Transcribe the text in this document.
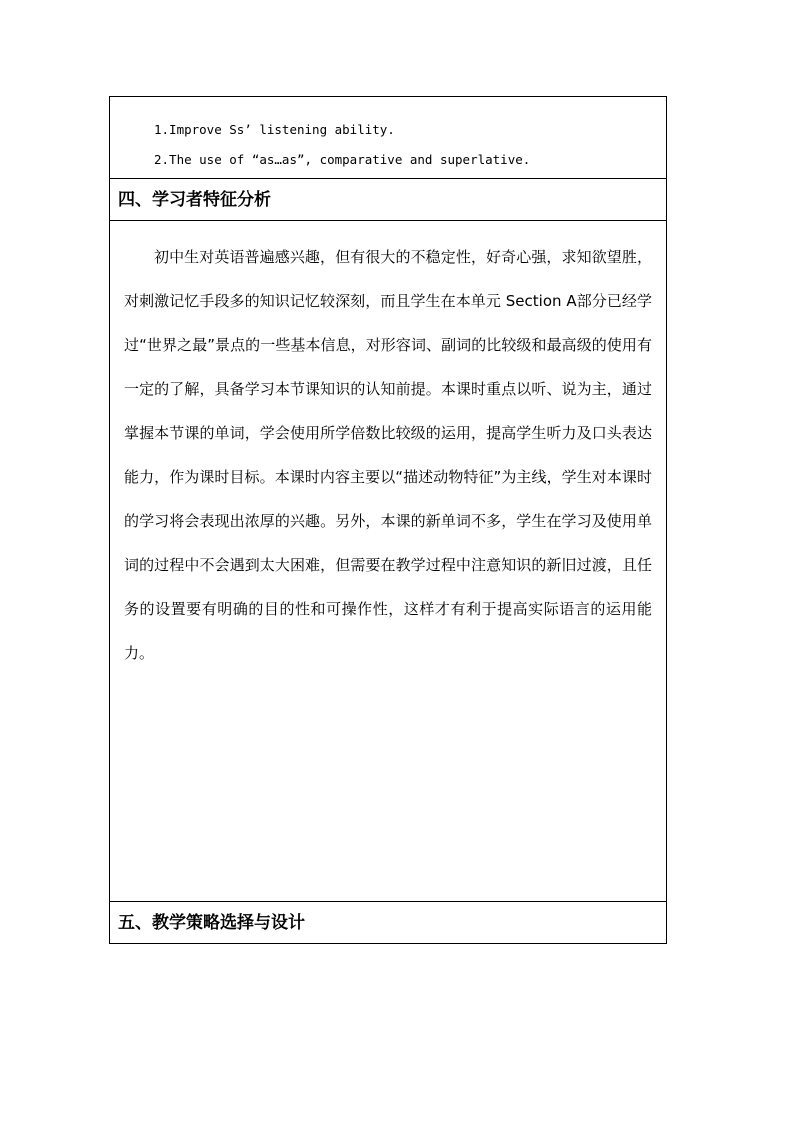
1.Improve Ss’ listening ability.
2.The use of “as…as”, comparative and superlative.
四、学习者特征分析
初中生对英语普遍感兴趣，但有很大的不稳定性，好奇心强，求知欲望胜，对刺激记忆手段多的知识记忆较深刻，而且学生在本单元 Section A部分已经学过“世界之最”景点的一些基本信息，对形容词、副词的比较级和最高级的使用有一定的了解，具备学习本节课知识的认知前提。本课时重点以听、说为主，通过掌握本节课的单词，学会使用所学倍数比较级的运用，提高学生听力及口头表达能力，作为课时目标。本课时内容主要以“描述动物特征”为主线，学生对本课时的学习将会表现出浓厚的兴趣。另外，本课的新单词不多，学生在学习及使用单词的过程中不会遇到太大困难，但需要在教学过程中注意知识的新旧过渡，且任务的设置要有明确的目的性和可操作性，这样才有利于提高实际语言的运用能力。
五、教学策略选择与设计
